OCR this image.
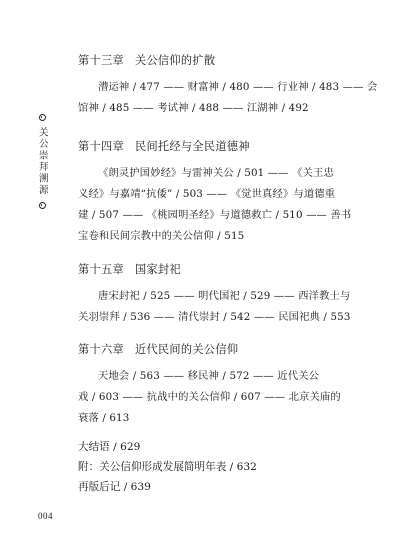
关公崇拜溯源
第十三章 关公信仰的扩散
漕运神 / 477 —— 财富神 / 480 —— 行业神 / 483 —— 会
馆神 / 485 —— 考试神 / 488 —— 江湖神 / 492
第十四章 民间托经与全民道德神
《朗灵护国妙经》与雷神关公 / 501 —— 《关王忠
义经》与嘉靖“抗倭” / 503 —— 《觉世真经》与道德重
建 / 507 —— 《桃园明圣经》与道德救亡 / 510 —— 善书
宝卷和民间宗教中的关公信仰 / 515
第十五章 国家封祀
唐宋封祀 / 525 —— 明代国祀 / 529 —— 西洋教士与
关羽崇拜 / 536 —— 清代崇封 / 542 —— 民国祀典 / 553
第十六章 近代民间的关公信仰
天地会 / 563 —— 移民神 / 572 —— 近代关公
戏 / 603 —— 抗战中的关公信仰 / 607 —— 北京关庙的
衰落 / 613
大结语 / 629
附：关公信仰形成发展简明年表 / 632
再版后记 / 639
004
